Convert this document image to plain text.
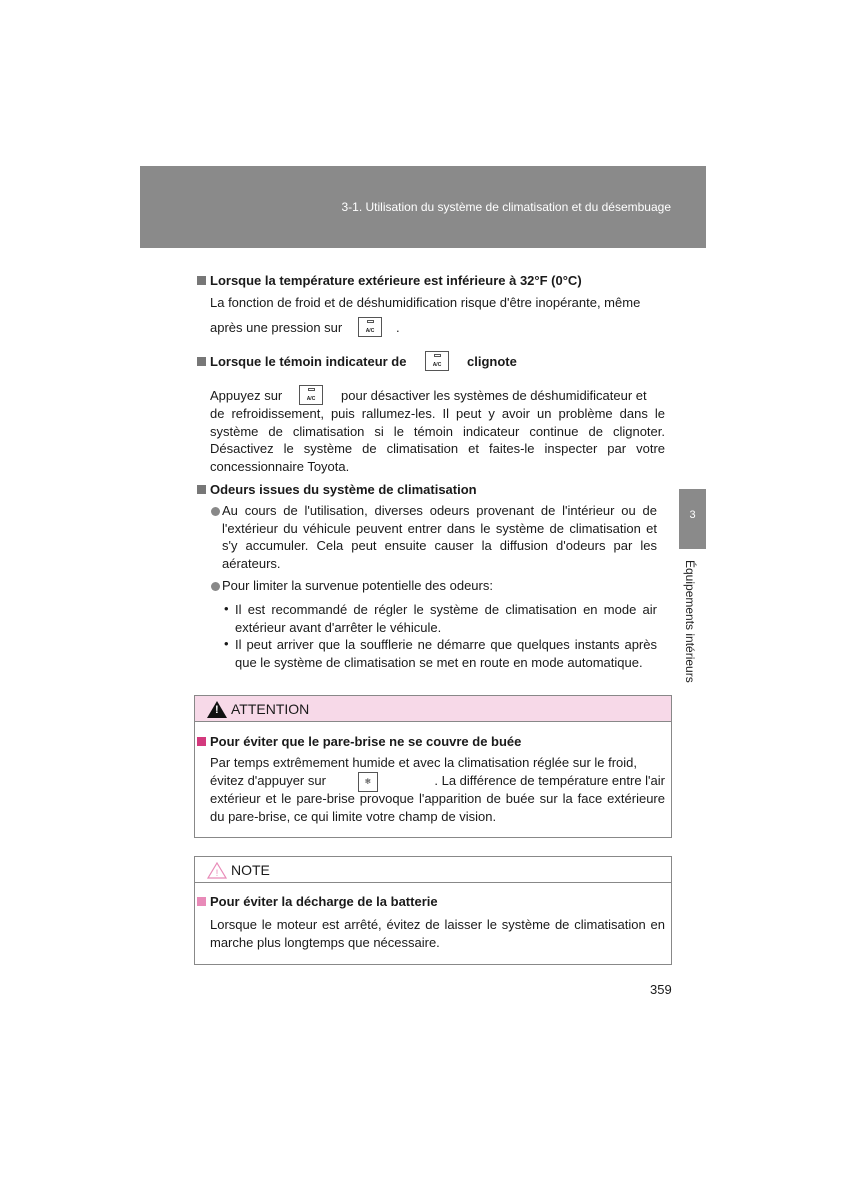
3-1. Utilisation du système de climatisation et du désembuage
3
Équipements intérieurs
Lorsque la température extérieure est inférieure à 32°F (0°C)
La fonction de froid et de déshumidification risque d'être inopérante, même
après une pression sur	A/C	.
Lorsque le témoin indicateur de	A/C	clignote
Appuyez sur	A/C	pour désactiver les systèmes de déshumidificateur et
de refroidissement, puis rallumez-les. Il peut y avoir un problème dans le système de climatisation si le témoin indicateur continue de clignoter. Désactivez le système de climatisation et faites-le inspecter par votre concessionnaire Toyota.
Odeurs issues du système de climatisation
Au cours de l'utilisation, diverses odeurs provenant de l'intérieur ou de l'extérieur du véhicule peuvent entrer dans le système de climatisation et s'y accumuler. Cela peut ensuite causer la diffusion d'odeurs par les aérateurs.
Pour limiter la survenue potentielle des odeurs:
• Il est recommandé de régler le système de climatisation en mode air extérieur avant d'arrêter le véhicule.
• Il peut arriver que la soufflerie ne démarre que quelques instants après que le système de climatisation se met en route en mode automatique.
!
ATTENTION
Pour éviter que le pare-brise ne se couvre de buée
Par temps extrêmement humide et avec la climatisation réglée sur le froid,
évitez d'appuyer sur	❄	. La différence de température entre l'air
extérieur et le pare-brise provoque l'apparition de buée sur la face extérieure du pare-brise, ce qui limite votre champ de vision.
! NOTE
Pour éviter la décharge de la batterie
Lorsque le moteur est arrêté, évitez de laisser le système de climatisation en marche plus longtemps que nécessaire.
359
